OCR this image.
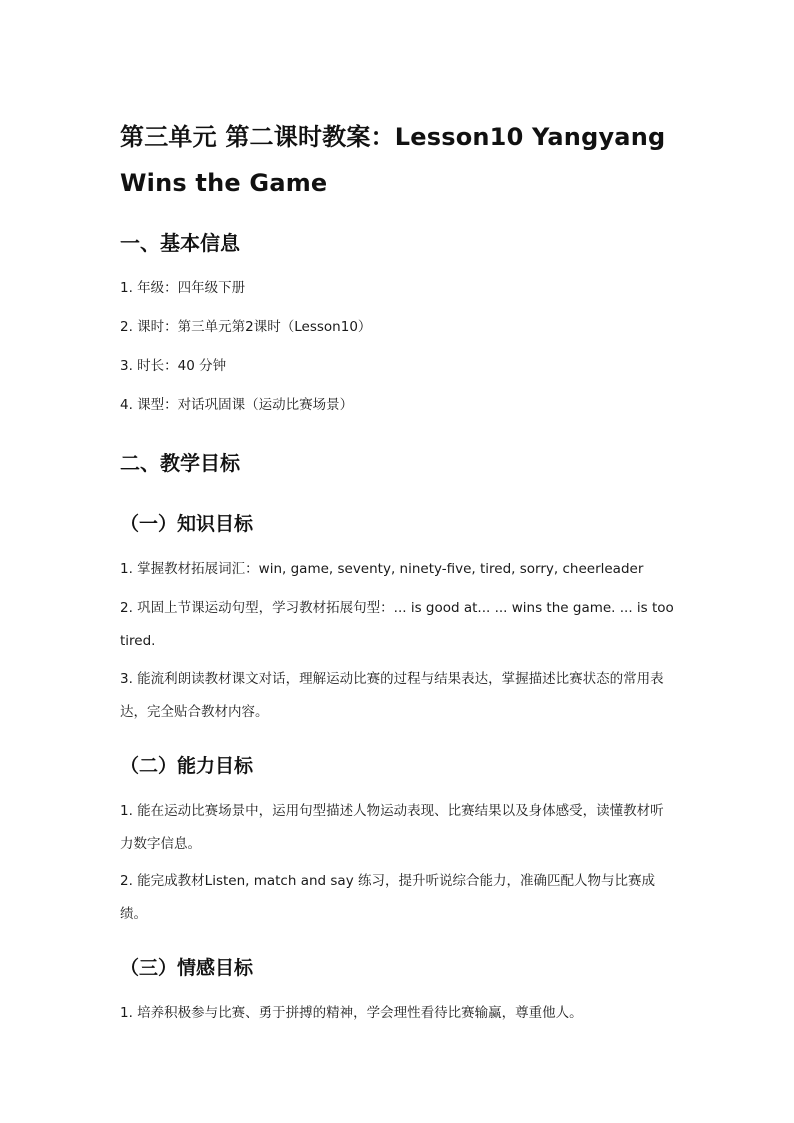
第三单元 第二课时教案：Lesson10 Yangyang Wins the Game
一、基本信息

1. 年级：四年级下册

2. 课时：第三单元第2课时（Lesson10）

3. 时长：40 分钟

4. 课型：对话巩固课（运动比赛场景）

二、教学目标
（一）知识目标

1. 掌握教材拓展词汇：win, game, seventy, ninety-five, tired, sorry, cheerleader

2. 巩固上节课运动句型，学习教材拓展句型：... is good at... ... wins the game. ... is too tired.

3. 能流利朗读教材课文对话，理解运动比赛的过程与结果表达，掌握描述比赛状态的常用表达，完全贴合教材内容。

（二）能力目标

1. 能在运动比赛场景中，运用句型描述人物运动表现、比赛结果以及身体感受，读懂教材听力数字信息。

2. 能完成教材Listen, match and say 练习，提升听说综合能力，准确匹配人物与比赛成绩。

（三）情感目标

1. 培养积极参与比赛、勇于拼搏的精神，学会理性看待比赛输赢，尊重他人。
